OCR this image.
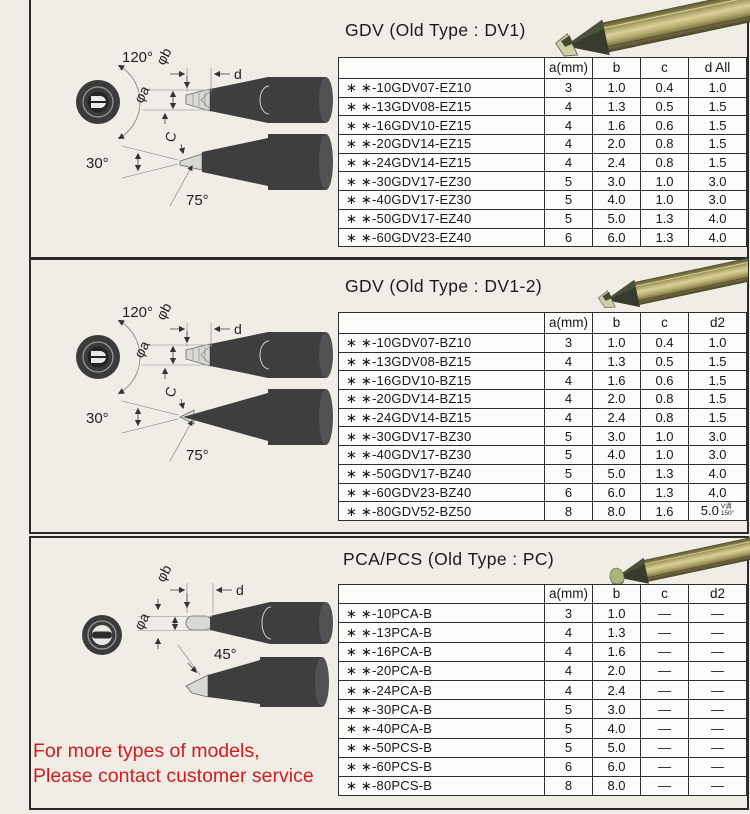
GDV (Old Type : DV1)
GDV (Old Type : DV1-2)
PCA/PCS (Old Type : PC)
120°
d
φb
φa
30°
C
75°
120°
d
φb
φa
30°
C
75°
d
φb
φa
45°
	a(mm)	b	c	d All
∗ ∗-10GDV07-EZ10	3	1.0	0.4	1.0
∗ ∗-13GDV08-EZ15	4	1.3	0.5	1.5
∗ ∗-16GDV10-EZ15	4	1.6	0.6	1.5
∗ ∗-20GDV14-EZ15	4	2.0	0.8	1.5
∗ ∗-24GDV14-EZ15	4	2.4	0.8	1.5
∗ ∗-30GDV17-EZ30	5	3.0	1.0	3.0
∗ ∗-40GDV17-EZ30	5	4.0	1.0	3.0
∗ ∗-50GDV17-EZ40	5	5.0	1.3	4.0
∗ ∗-60GDV23-EZ40	6	6.0	1.3	4.0
	a(mm)	b	c	d2
∗ ∗-10GDV07-BZ10	3	1.0	0.4	1.0
∗ ∗-13GDV08-BZ15	4	1.3	0.5	1.5
∗ ∗-16GDV10-BZ15	4	1.6	0.6	1.5
∗ ∗-20GDV14-BZ15	4	2.0	0.8	1.5
∗ ∗-24GDV14-BZ15	4	2.4	0.8	1.5
∗ ∗-30GDV17-BZ30	5	3.0	1.0	3.0
∗ ∗-40GDV17-BZ30	5	4.0	1.0	3.0
∗ ∗-50GDV17-BZ40	5	5.0	1.3	4.0
∗ ∗-60GDV23-BZ40	6	6.0	1.3	4.0
∗ ∗-80GDV52-BZ50	8	8.0	1.6	5.0 V溝
150°
	a(mm)	b	c	d2
∗ ∗-10PCA-B	3	1.0	—	—
∗ ∗-13PCA-B	4	1.3	—	—
∗ ∗-16PCA-B	4	1.6	—	—
∗ ∗-20PCA-B	4	2.0	—	—
∗ ∗-24PCA-B	4	2.4	—	—
∗ ∗-30PCA-B	5	3.0	—	—
∗ ∗-40PCA-B	5	4.0	—	—
∗ ∗-50PCS-B	5	5.0	—	—
∗ ∗-60PCS-B	6	6.0	—	—
∗ ∗-80PCS-B	8	8.0	—	—
For more types of models,
Please contact customer service
